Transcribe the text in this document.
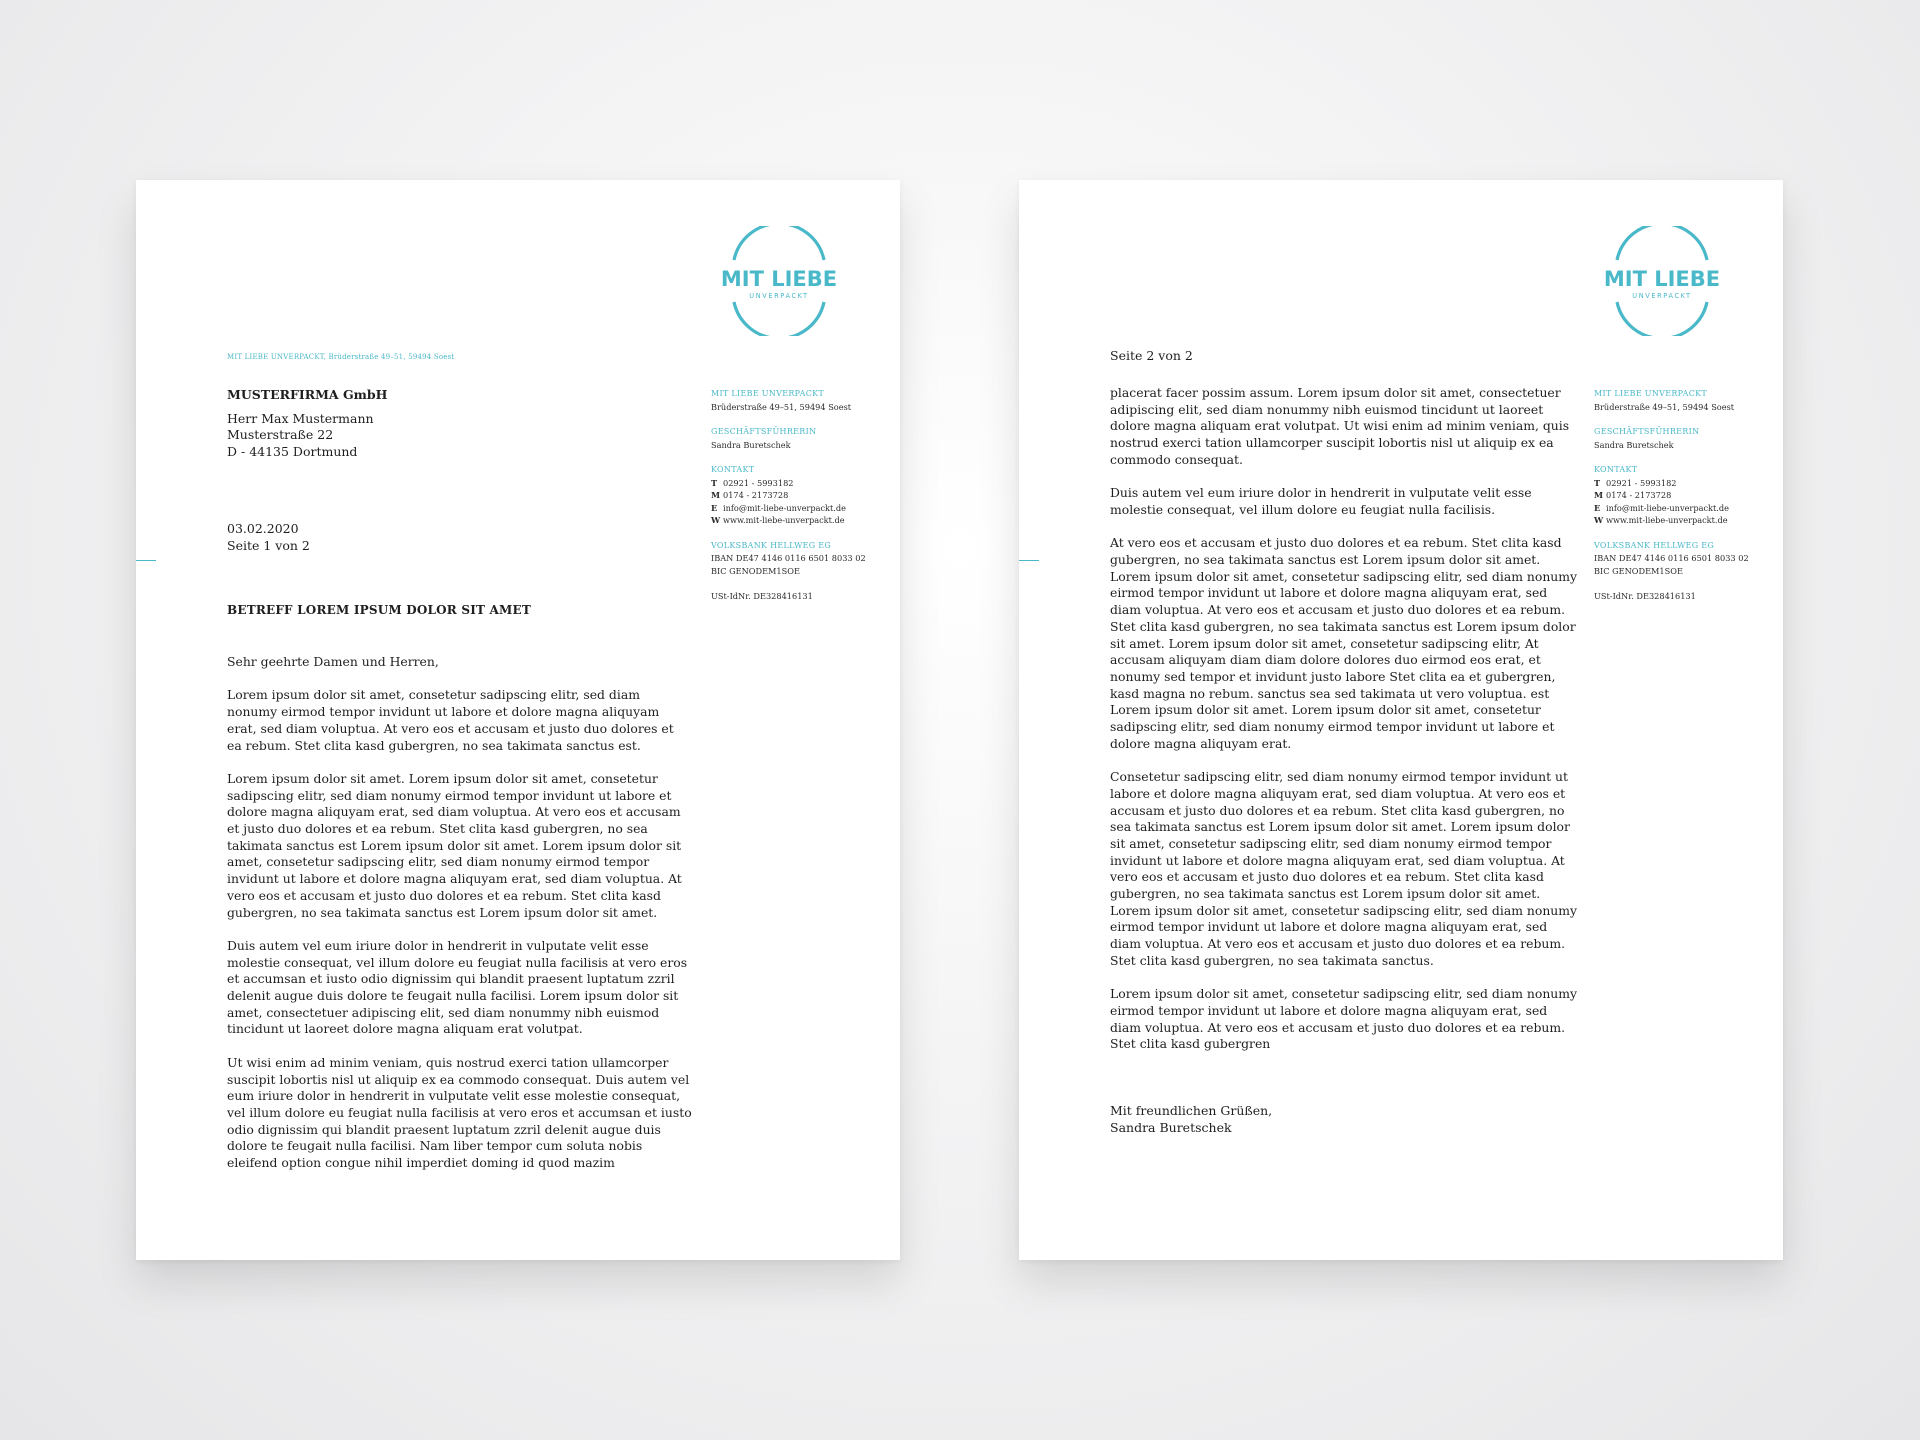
MIT LIEBE
UNVERPACKT
MIT LIEBE UNVERPACKT, Brüderstraße 49–51, 59494 Soest
MUSTERFIRMA GmbH
Herr Max Mustermann
Musterstraße 22
D - 44135 Dortmund
03.02.2020
Seite 1 von 2
BETREFF LOREM IPSUM DOLOR SIT AMET

Sehr geehrte Damen und Herren,

Lorem ipsum dolor sit amet, consetetur sadipscing elitr, sed diam nonumy eirmod tempor invidunt ut labore et dolore magna aliquyam erat, sed diam voluptua. At vero eos et accusam et justo duo dolores et ea rebum. Stet clita kasd gubergren, no sea takimata sanctus est.

Lorem ipsum dolor sit amet. Lorem ipsum dolor sit amet, consetetur sadipscing elitr, sed diam nonumy eirmod tempor invidunt ut labore et dolore magna aliquyam erat, sed diam voluptua. At vero eos et accusam et justo duo dolores et ea rebum. Stet clita kasd gubergren, no sea takimata sanctus est Lorem ipsum dolor sit amet. Lorem ipsum dolor sit amet, consetetur sadipscing elitr, sed diam nonumy eirmod tempor invidunt ut labore et dolore magna aliquyam erat, sed diam voluptua. At vero eos et accusam et justo duo dolores et ea rebum. Stet clita kasd gubergren, no sea takimata sanctus est Lorem ipsum dolor sit amet.

Duis autem vel eum iriure dolor in hendrerit in vulputate velit esse molestie consequat, vel illum dolore eu feugiat nulla facilisis at vero eros et accumsan et iusto odio dignissim qui blandit praesent luptatum zzril delenit augue duis dolore te feugait nulla facilisi. Lorem ipsum dolor sit amet, consectetuer adipiscing elit, sed diam nonummy nibh euismod tincidunt ut laoreet dolore magna aliquam erat volutpat.

Ut wisi enim ad minim veniam, quis nostrud exerci tation ullamcorper suscipit lobortis nisl ut aliquip ex ea commodo consequat. Duis autem vel eum iriure dolor in hendrerit in vulputate velit esse molestie consequat, vel illum dolore eu feugiat nulla facilisis at vero eros et accumsan et iusto odio dignissim qui blandit praesent luptatum zzril delenit augue duis dolore te feugait nulla facilisi. Nam liber tempor cum soluta nobis eleifend option congue nihil imperdiet doming id quod mazim

MIT LIEBE UNVERPACKT
Brüderstraße 49–51, 59494 Soest
GESCHÄFTSFÜHRERIN
Sandra Buretschek
KONTAKT
T 02921 - 5993182
M 0174 - 2173728
E info@mit-liebe-unverpackt.de
W www.mit-liebe-unverpackt.de
VOLKSBANK HELLWEG EG
IBAN DE47 4146 0116 6501 8033 02
BIC GENODEM1SOE
USt-IdNr. DE328416131
MIT LIEBE
UNVERPACKT
Seite 2 von 2

placerat facer possim assum. Lorem ipsum dolor sit amet, consectetuer adipiscing elit, sed diam nonummy nibh euismod tincidunt ut laoreet dolore magna aliquam erat volutpat. Ut wisi enim ad minim veniam, quis nostrud exerci tation ullamcorper suscipit lobortis nisl ut aliquip ex ea commodo consequat.

Duis autem vel eum iriure dolor in hendrerit in vulputate velit esse molestie consequat, vel illum dolore eu feugiat nulla facilisis.

At vero eos et accusam et justo duo dolores et ea rebum. Stet clita kasd gubergren, no sea takimata sanctus est Lorem ipsum dolor sit amet. Lorem ipsum dolor sit amet, consetetur sadipscing elitr, sed diam nonumy eirmod tempor invidunt ut labore et dolore magna aliquyam erat, sed diam voluptua. At vero eos et accusam et justo duo dolores et ea rebum. Stet clita kasd gubergren, no sea takimata sanctus est Lorem ipsum dolor sit amet. Lorem ipsum dolor sit amet, consetetur sadipscing elitr, At accusam aliquyam diam diam dolore dolores duo eirmod eos erat, et nonumy sed tempor et invidunt justo labore Stet clita ea et gubergren, kasd magna no rebum. sanctus sea sed takimata ut vero voluptua. est Lorem ipsum dolor sit amet. Lorem ipsum dolor sit amet, consetetur sadipscing elitr, sed diam nonumy eirmod tempor invidunt ut labore et dolore magna aliquyam erat.

Consetetur sadipscing elitr, sed diam nonumy eirmod tempor invidunt ut labore et dolore magna aliquyam erat, sed diam voluptua. At vero eos et accusam et justo duo dolores et ea rebum. Stet clita kasd gubergren, no sea takimata sanctus est Lorem ipsum dolor sit amet. Lorem ipsum dolor sit amet, consetetur sadipscing elitr, sed diam nonumy eirmod tempor invidunt ut labore et dolore magna aliquyam erat, sed diam voluptua. At vero eos et accusam et justo duo dolores et ea rebum. Stet clita kasd gubergren, no sea takimata sanctus est Lorem ipsum dolor sit amet. Lorem ipsum dolor sit amet, consetetur sadipscing elitr, sed diam nonumy eirmod tempor invidunt ut labore et dolore magna aliquyam erat, sed diam voluptua. At vero eos et accusam et justo duo dolores et ea rebum. Stet clita kasd gubergren, no sea takimata sanctus.

Lorem ipsum dolor sit amet, consetetur sadipscing elitr, sed diam nonumy eirmod tempor invidunt ut labore et dolore magna aliquyam erat, sed diam voluptua. At vero eos et accusam et justo duo dolores et ea rebum. Stet clita kasd gubergren

Mit freundlichen Grüßen,
Sandra Buretschek
MIT LIEBE UNVERPACKT
Brüderstraße 49–51, 59494 Soest
GESCHÄFTSFÜHRERIN
Sandra Buretschek
KONTAKT
T 02921 - 5993182
M 0174 - 2173728
E info@mit-liebe-unverpackt.de
W www.mit-liebe-unverpackt.de
VOLKSBANK HELLWEG EG
IBAN DE47 4146 0116 6501 8033 02
BIC GENODEM1SOE
USt-IdNr. DE328416131
